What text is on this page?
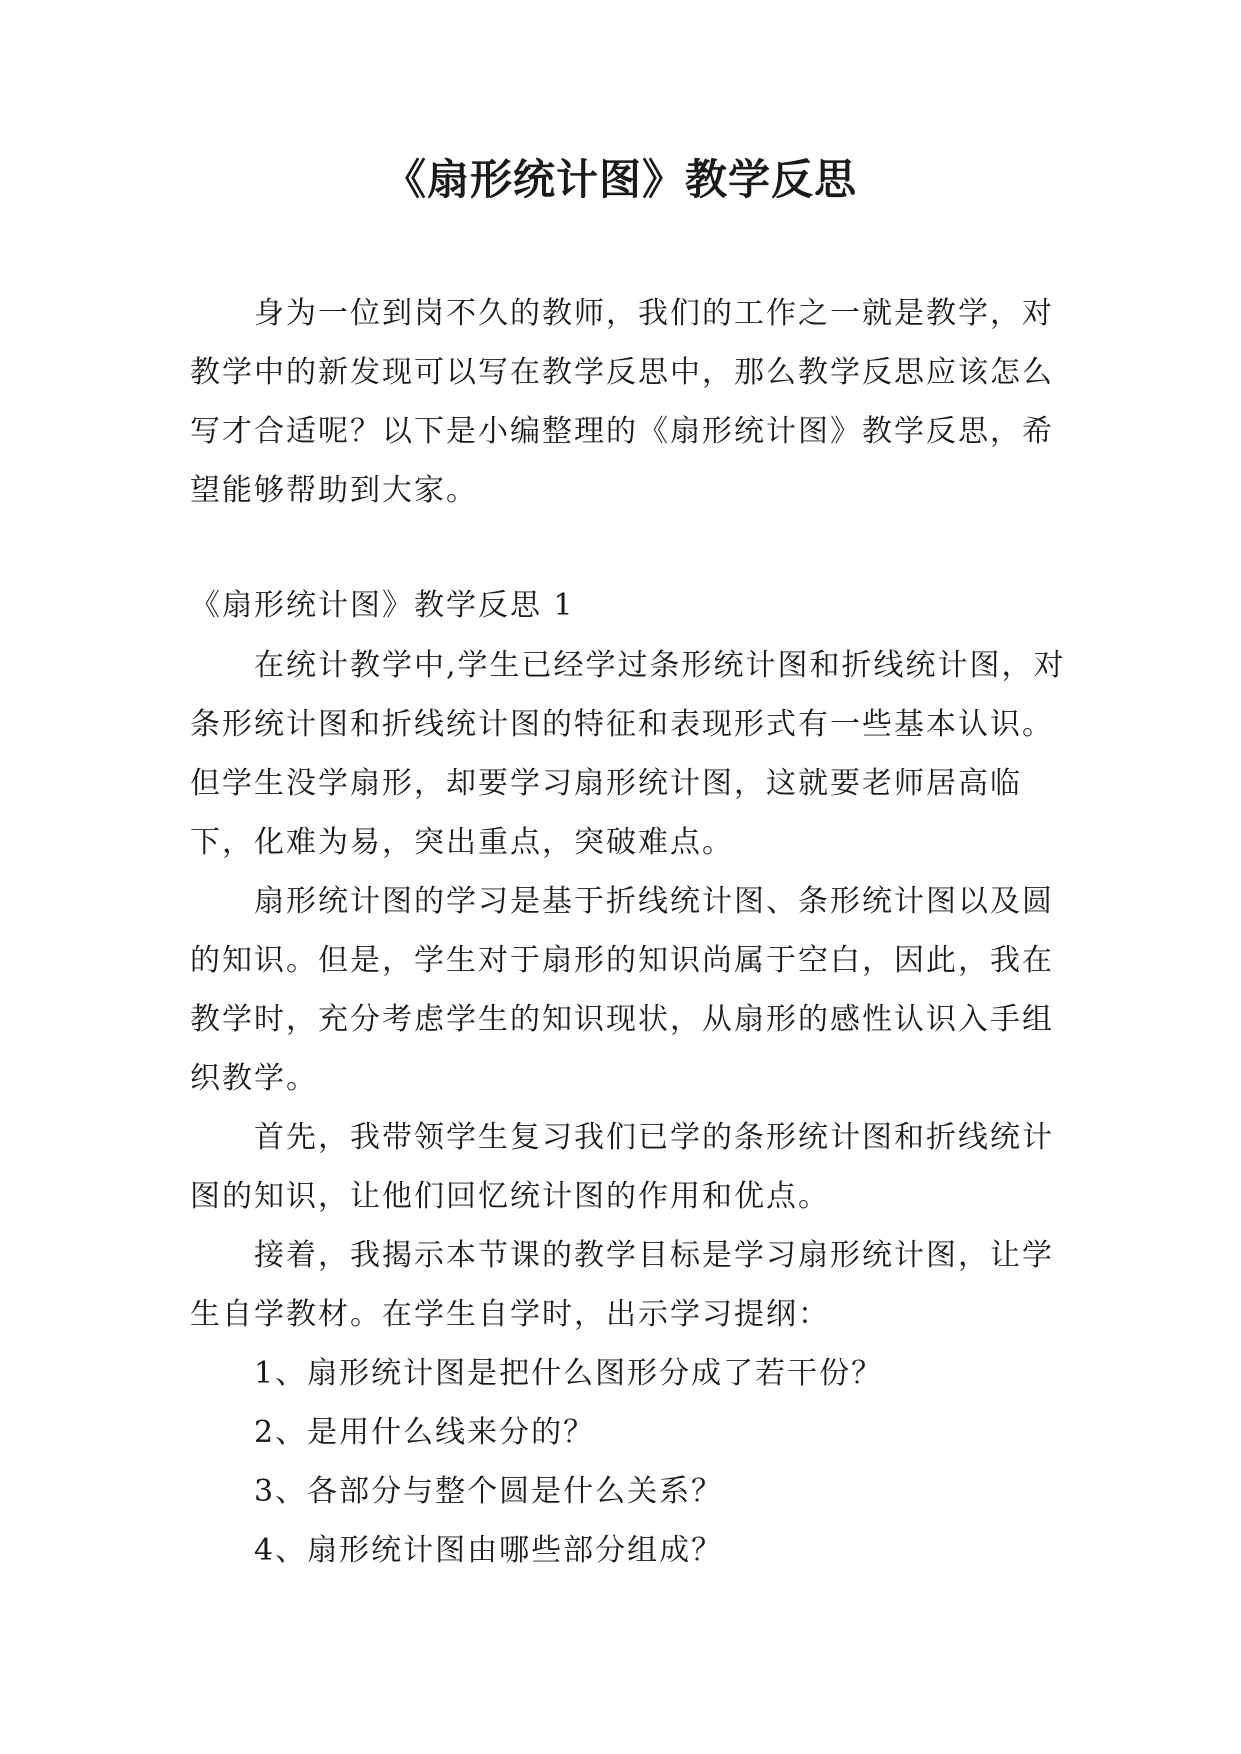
《扇形统计图》教学反思

身为一位到岗不久的教师，我们的工作之一就是教学，对教学中的新发现可以写在教学反思中，那么教学反思应该怎么写才合适呢？以下是小编整理的《扇形统计图》教学反思，希望能够帮助到大家。

《扇形统计图》教学反思 1

在统计教学中,学生已经学过条形统计图和折线统计图，对条形统计图和折线统计图的特征和表现形式有一些基本认识。但学生没学扇形，却要学习扇形统计图，这就要老师居高临下，化难为易，突出重点，突破难点。

扇形统计图的学习是基于折线统计图、条形统计图以及圆的知识。但是，学生对于扇形的知识尚属于空白，因此，我在教学时，充分考虑学生的知识现状，从扇形的感性认识入手组织教学。

首先，我带领学生复习我们已学的条形统计图和折线统计图的知识，让他们回忆统计图的作用和优点。

接着，我揭示本节课的教学目标是学习扇形统计图，让学生自学教材。在学生自学时，出示学习提纲：

1、扇形统计图是把什么图形分成了若干份？

2、是用什么线来分的？

3、各部分与整个圆是什么关系？

4、扇形统计图由哪些部分组成？
